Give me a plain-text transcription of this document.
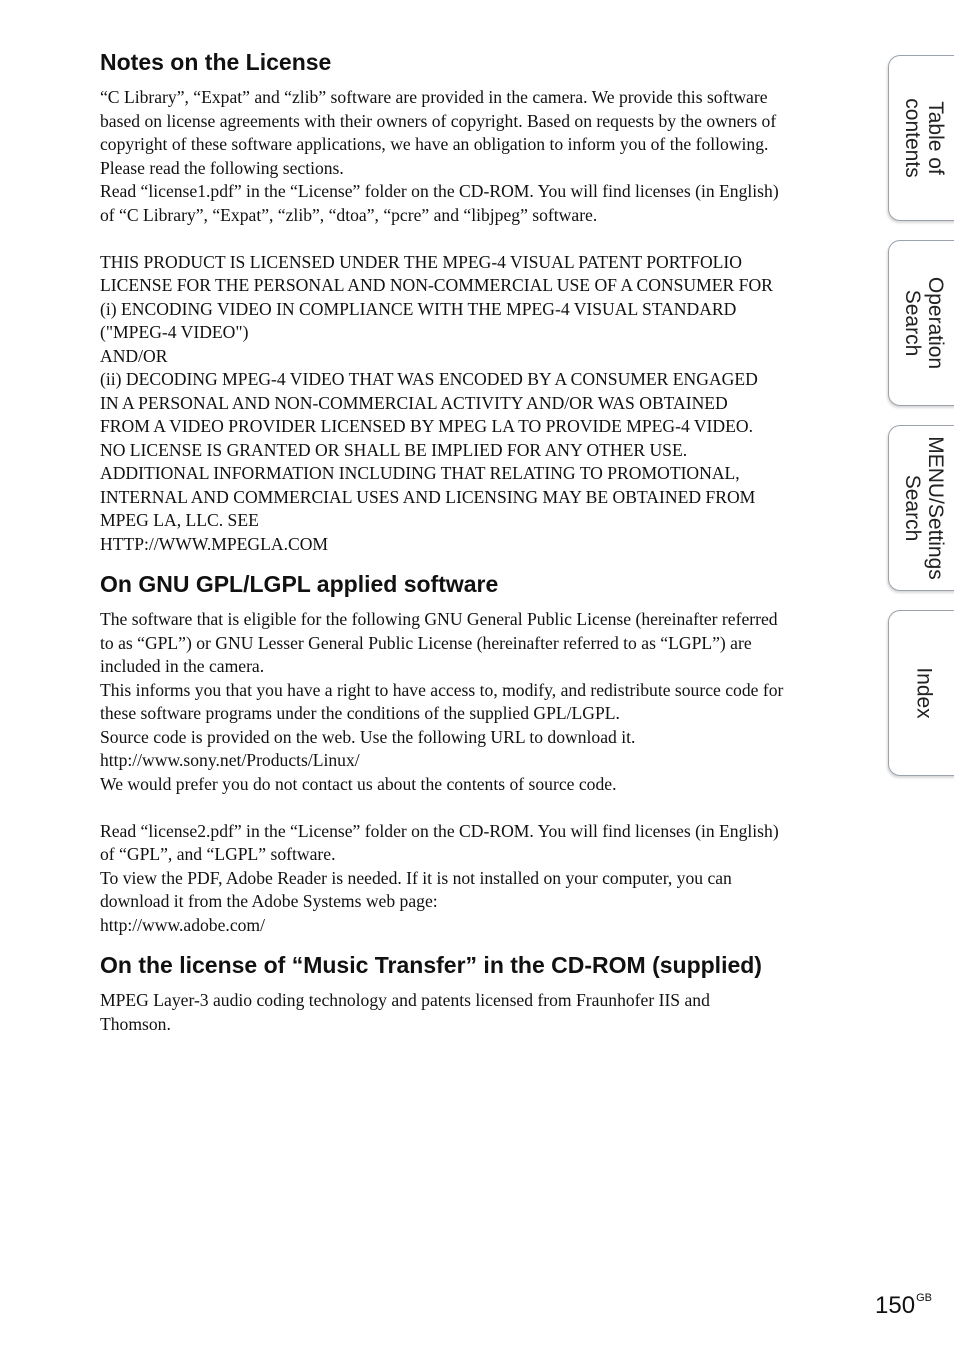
Notes on the License

“C Library”, “Expat” and “zlib” software are provided in the camera. We provide this software

based on license agreements with their owners of copyright. Based on requests by the owners of

copyright of these software applications, we have an obligation to inform you of the following.

Please read the following sections.

Read “license1.pdf” in the “License” folder on the CD-ROM. You will find licenses (in English)

of “C Library”, “Expat”, “zlib”, “dtoa”, “pcre” and “libjpeg” software.

THIS PRODUCT IS LICENSED UNDER THE MPEG-4 VISUAL PATENT PORTFOLIO

LICENSE FOR THE PERSONAL AND NON-COMMERCIAL USE OF A CONSUMER FOR

(i) ENCODING VIDEO IN COMPLIANCE WITH THE MPEG-4 VISUAL STANDARD

("MPEG-4 VIDEO")

AND/OR

(ii) DECODING MPEG-4 VIDEO THAT WAS ENCODED BY A CONSUMER ENGAGED

IN A PERSONAL AND NON-COMMERCIAL ACTIVITY AND/OR WAS OBTAINED

FROM A VIDEO PROVIDER LICENSED BY MPEG LA TO PROVIDE MPEG-4 VIDEO.

NO LICENSE IS GRANTED OR SHALL BE IMPLIED FOR ANY OTHER USE.

ADDITIONAL INFORMATION INCLUDING THAT RELATING TO PROMOTIONAL,

INTERNAL AND COMMERCIAL USES AND LICENSING MAY BE OBTAINED FROM

MPEG LA, LLC. SEE

HTTP://WWW.MPEGLA.COM

On GNU GPL/LGPL applied software

The software that is eligible for the following GNU General Public License (hereinafter referred

to as “GPL”) or GNU Lesser General Public License (hereinafter referred to as “LGPL”) are

included in the camera.

This informs you that you have a right to have access to, modify, and redistribute source code for

these software programs under the conditions of the supplied GPL/LGPL.

Source code is provided on the web. Use the following URL to download it.

http://www.sony.net/Products/Linux/

We would prefer you do not contact us about the contents of source code.

Read “license2.pdf” in the “License” folder on the CD-ROM. You will find licenses (in English)

of “GPL”, and “LGPL” software.

To view the PDF, Adobe Reader is needed. If it is not installed on your computer, you can

download it from the Adobe Systems web page:

http://www.adobe.com/

On the license of “Music Transfer” in the CD-ROM (supplied)

MPEG Layer-3 audio coding technology and patents licensed from Fraunhofer IIS and

Thomson.

Table of
contents
Operation
Search
MENU/Settings
Search
Index
$150^{GB}$
